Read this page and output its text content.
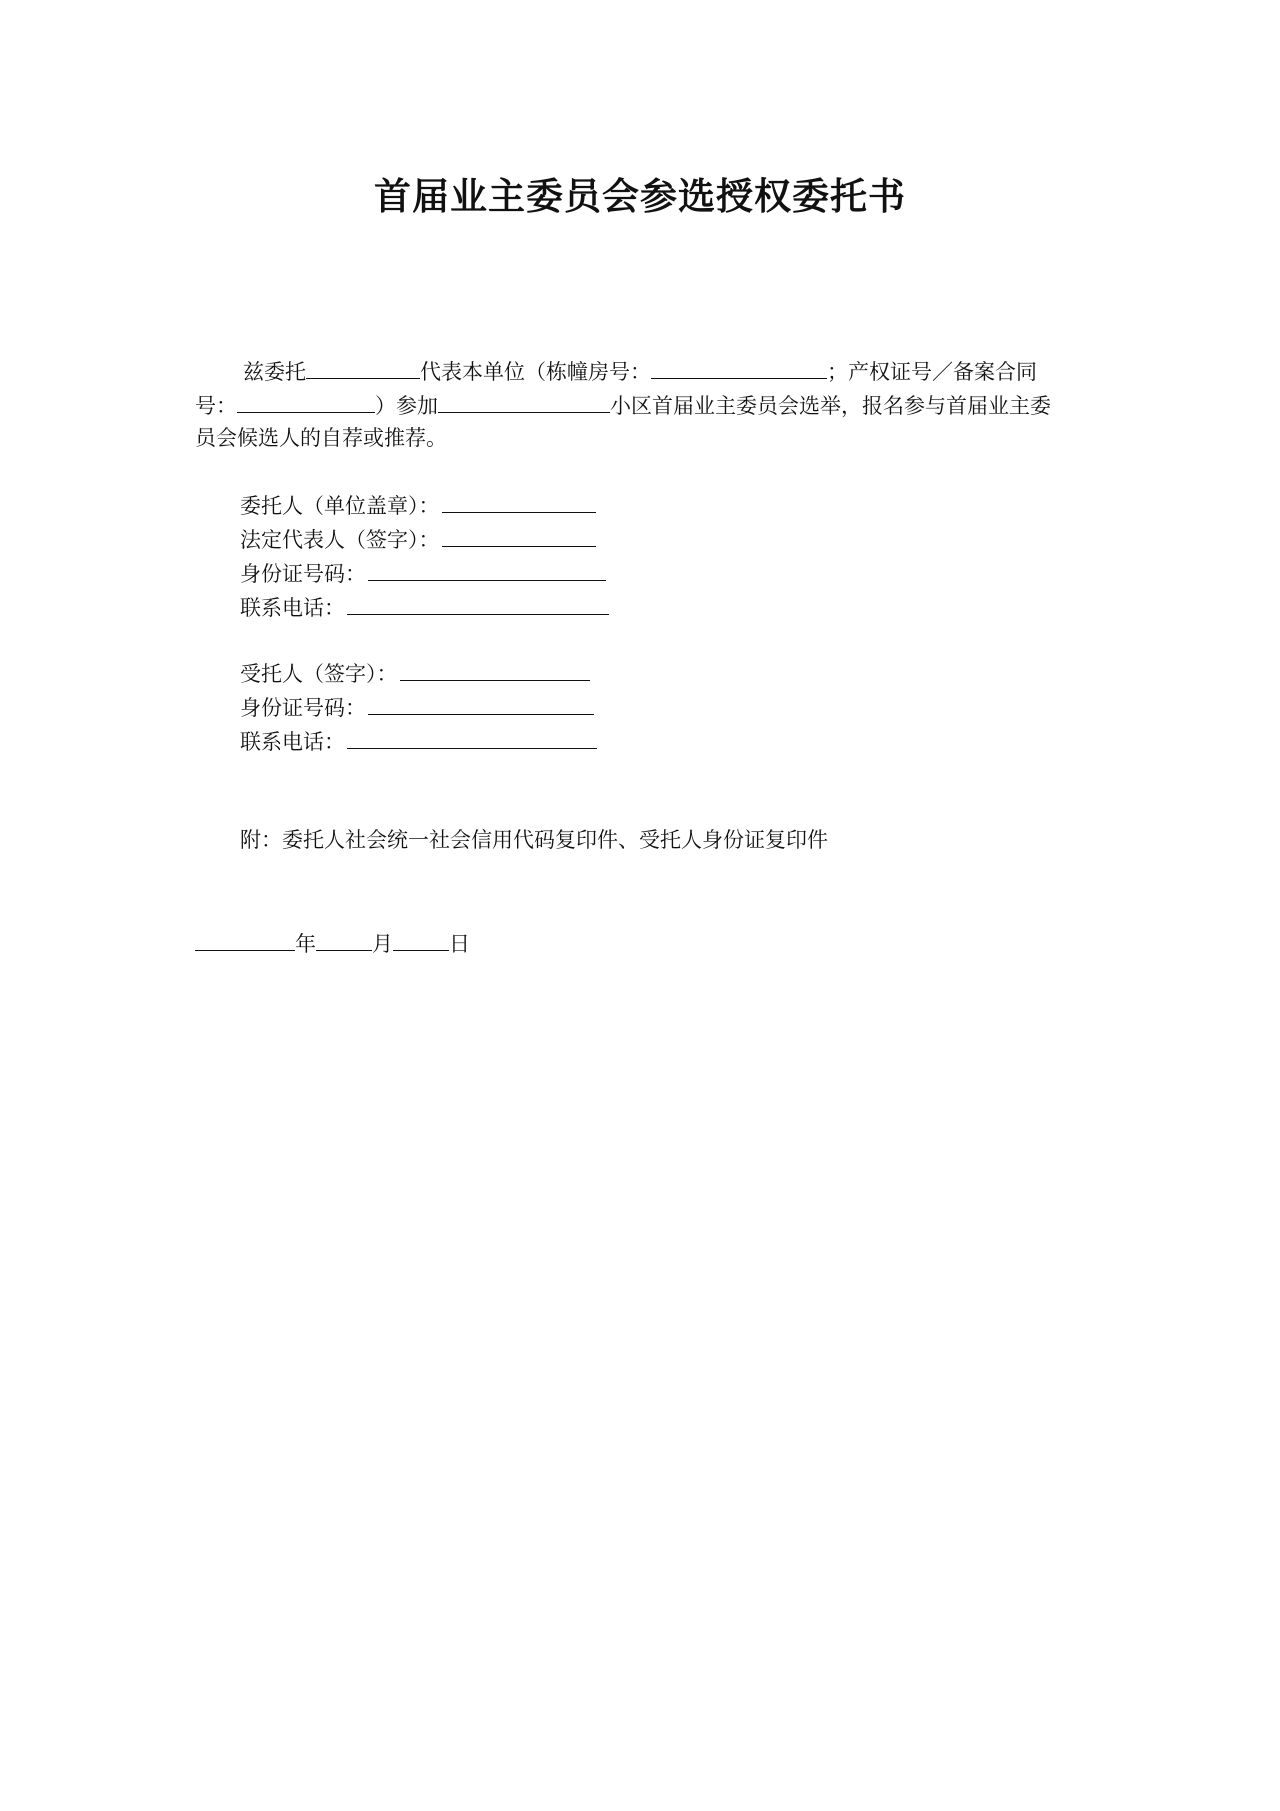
首届业主委员会参选授权委托书
兹委托	代表本单位（栋幢房号：	；产权证号／备案合同
号：	）参加	小区首届业主委员会选举，报名参与首届业主委
员会候选人的自荐或推荐。
委托人（单位盖章）：
法定代表人（签字）：
身份证号码：
联系电话：
受托人（签字）：
身份证号码：
联系电话：
附：委托人社会统一社会信用代码复印件、受托人身份证复印件
年	月	日
